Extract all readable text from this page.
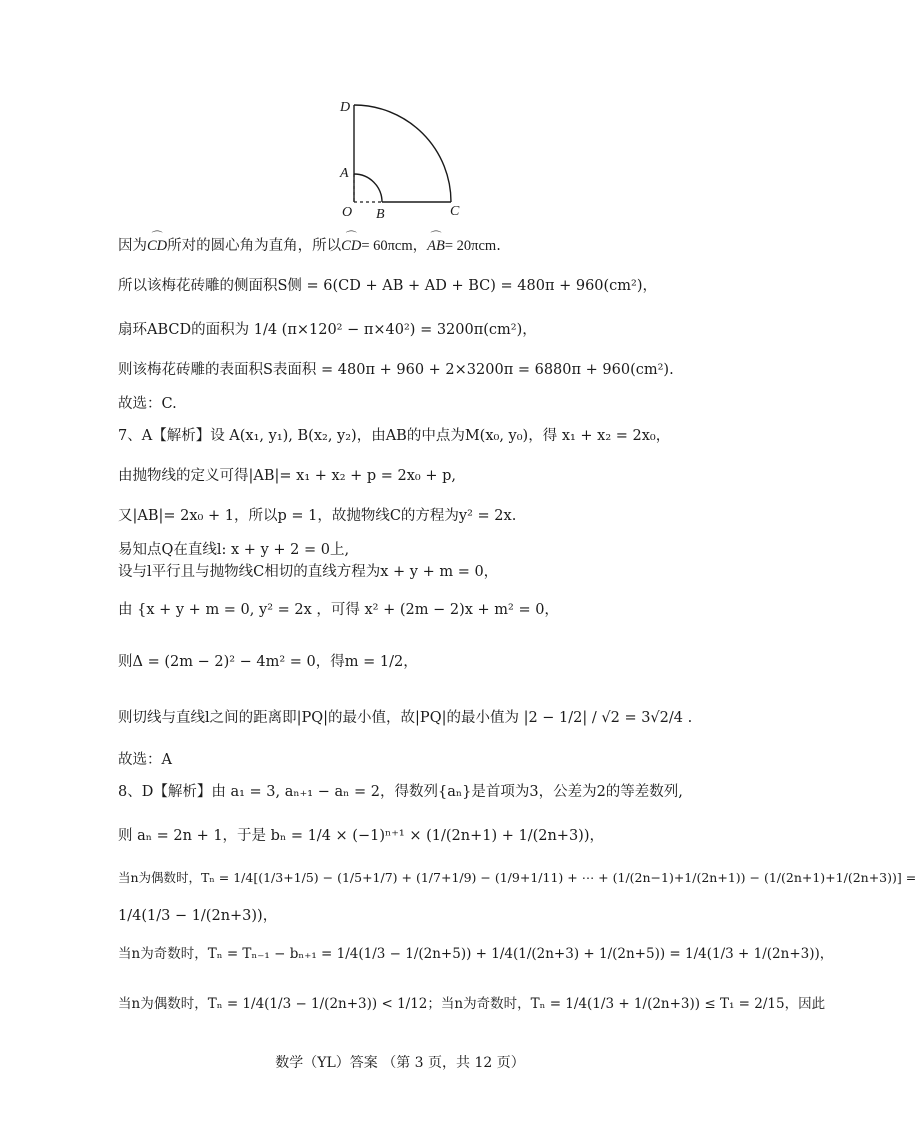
D
A
O B	C
因为⌒ CD所对的圆心角为直角，所以⌒ CD= 60πcm，⌒ AB= 20πcm.
所以该梅花砖雕的侧面积S侧 = 6(CD + AB + AD + BC) = 480π + 960(cm²)，
扇环ABCD的面积为 1/4 (π×120² − π×40²) = 3200π(cm²)，
则该梅花砖雕的表面积S表面积 = 480π + 960 + 2×3200π = 6880π + 960(cm²).
故选：C.
7、A【解析】设 A(x₁, y₁), B(x₂, y₂)，由AB的中点为M(x₀, y₀)，得 x₁ + x₂ = 2x₀，
由抛物线的定义可得|AB|= x₁ + x₂ + p = 2x₀ + p,
又|AB|= 2x₀ + 1，所以p = 1，故抛物线C的方程为y² = 2x.
易知点Q在直线l: x + y + 2 = 0上,
设与l平行且与抛物线C相切的直线方程为x + y + m = 0，
由 {x + y + m = 0, y² = 2x ，可得 x² + (2m − 2)x + m² = 0，
则Δ = (2m − 2)² − 4m² = 0，得m = 1/2，
则切线与直线l之间的距离即|PQ|的最小值，故|PQ|的最小值为 |2 − 1/2| / √2 = 3√2/4 .
故选：A
8、D【解析】由 a₁ = 3, aₙ₊₁ − aₙ = 2，得数列{aₙ}是首项为3，公差为2的等差数列,
则 aₙ = 2n + 1，于是 bₙ = 1/4 × (−1)ⁿ⁺¹ × (1/(2n+1) + 1/(2n+3))，
当n为偶数时，Tₙ = 1/4[(1/3+1/5) − (1/5+1/7) + (1/7+1/9) − (1/9+1/11) + ⋯ + (1/(2n−1)+1/(2n+1)) − (1/(2n+1)+1/(2n+3))] =
1/4(1/3 − 1/(2n+3))，
当n为奇数时，Tₙ = Tₙ₋₁ − bₙ₊₁ = 1/4(1/3 − 1/(2n+5)) + 1/4(1/(2n+3) + 1/(2n+5)) = 1/4(1/3 + 1/(2n+3))，
当n为偶数时，Tₙ = 1/4(1/3 − 1/(2n+3)) < 1/12；当n为奇数时，Tₙ = 1/4(1/3 + 1/(2n+3)) ≤ T₁ = 2/15，因此
数学（YL）答案 （第 3 页，共 12 页）
